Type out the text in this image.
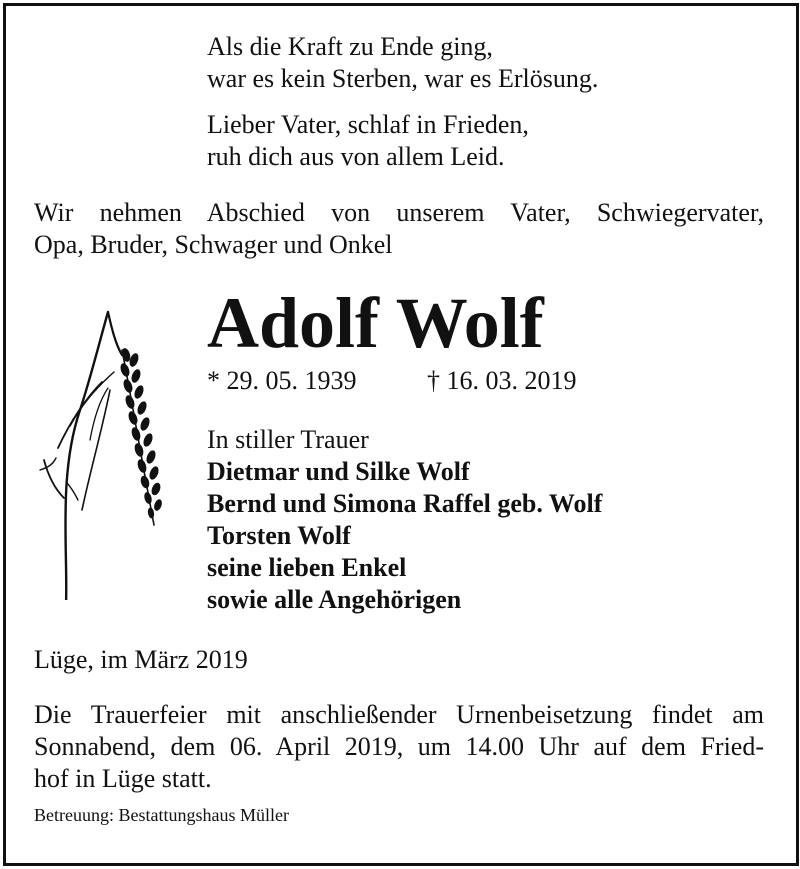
Als die Kraft zu Ende ging,
war es kein Sterben, war es Erlösung.
Lieber Vater, schlaf in Frieden,
ruh dich aus von allem Leid.
Wir nehmen Abschied von unserem Vater, Schwiegervater,
Opa, Bruder, Schwager und Onkel
Adolf Wolf
* 29. 05. 1939	† 16. 03. 2019
In stiller Trauer
Dietmar und Silke Wolf
Bernd und Simona Raffel geb. Wolf
Torsten Wolf
seine lieben Enkel
sowie alle Angehörigen
Lüge, im März 2019
Die Trauerfeier mit anschließender Urnenbeisetzung findet am
Sonnabend, dem 06. April 2019, um 14.00 Uhr auf dem Fried-
hof in Lüge statt.
Betreuung: Bestattungshaus Müller
